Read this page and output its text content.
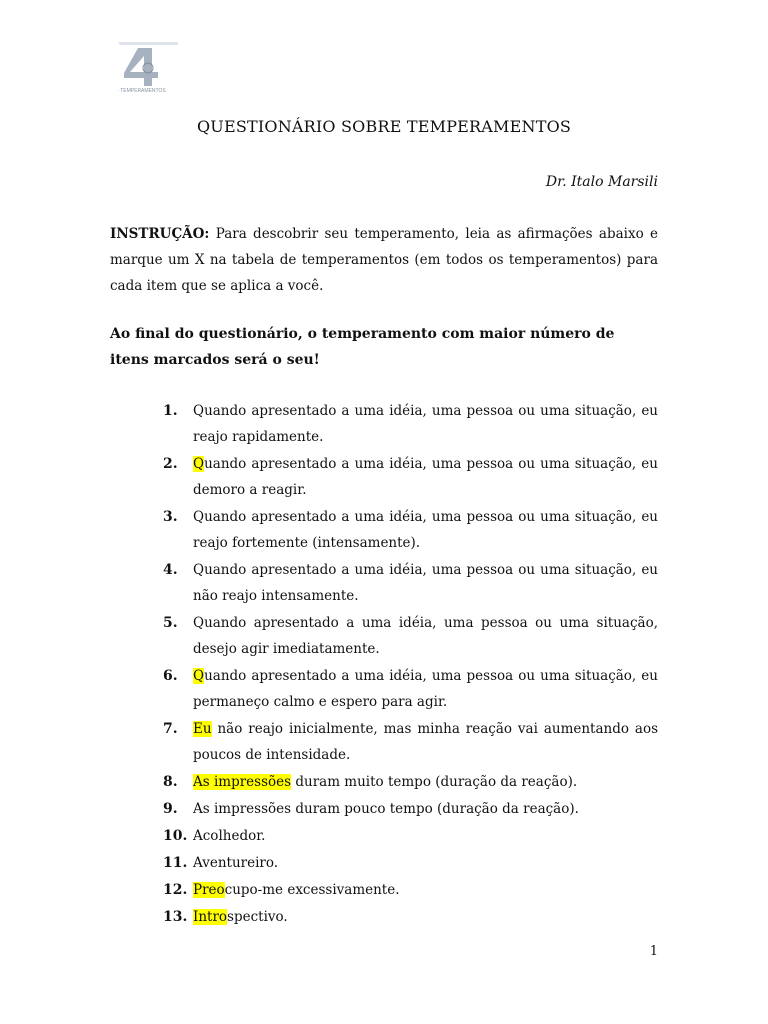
· TEMPERAMENTOS ·
QUESTIONÁRIO SOBRE TEMPERAMENTOS
Dr. Italo Marsili
INSTRUÇÃO: Para descobrir seu temperamento, leia as afirmações abaixo e marque um X na tabela de temperamentos (em todos os temperamentos) para cada item que se aplica a você.
Ao final do questionário, o temperamento com maior número de itens marcados será o seu!
1. Quando apresentado a uma idéia, uma pessoa ou uma situação, eu reajo rapidamente.
2. Quando apresentado a uma idéia, uma pessoa ou uma situação, eu demoro a reagir.
3. Quando apresentado a uma idéia, uma pessoa ou uma situação, eu reajo fortemente (intensamente).
4. Quando apresentado a uma idéia, uma pessoa ou uma situação, eu não reajo intensamente.
5. Quando apresentado a uma idéia, uma pessoa ou uma situação, desejo agir imediatamente.
6. Quando apresentado a uma idéia, uma pessoa ou uma situação, eu permaneço calmo e espero para agir.
7. Eu não reajo inicialmente, mas minha reação vai aumentando aos poucos de intensidade.
8. As impressões duram muito tempo (duração da reação).
9. As impressões duram pouco tempo (duração da reação).
10. Acolhedor.
11. Aventureiro.
12. Preocupo-me excessivamente.
13. Introspectivo.
1
